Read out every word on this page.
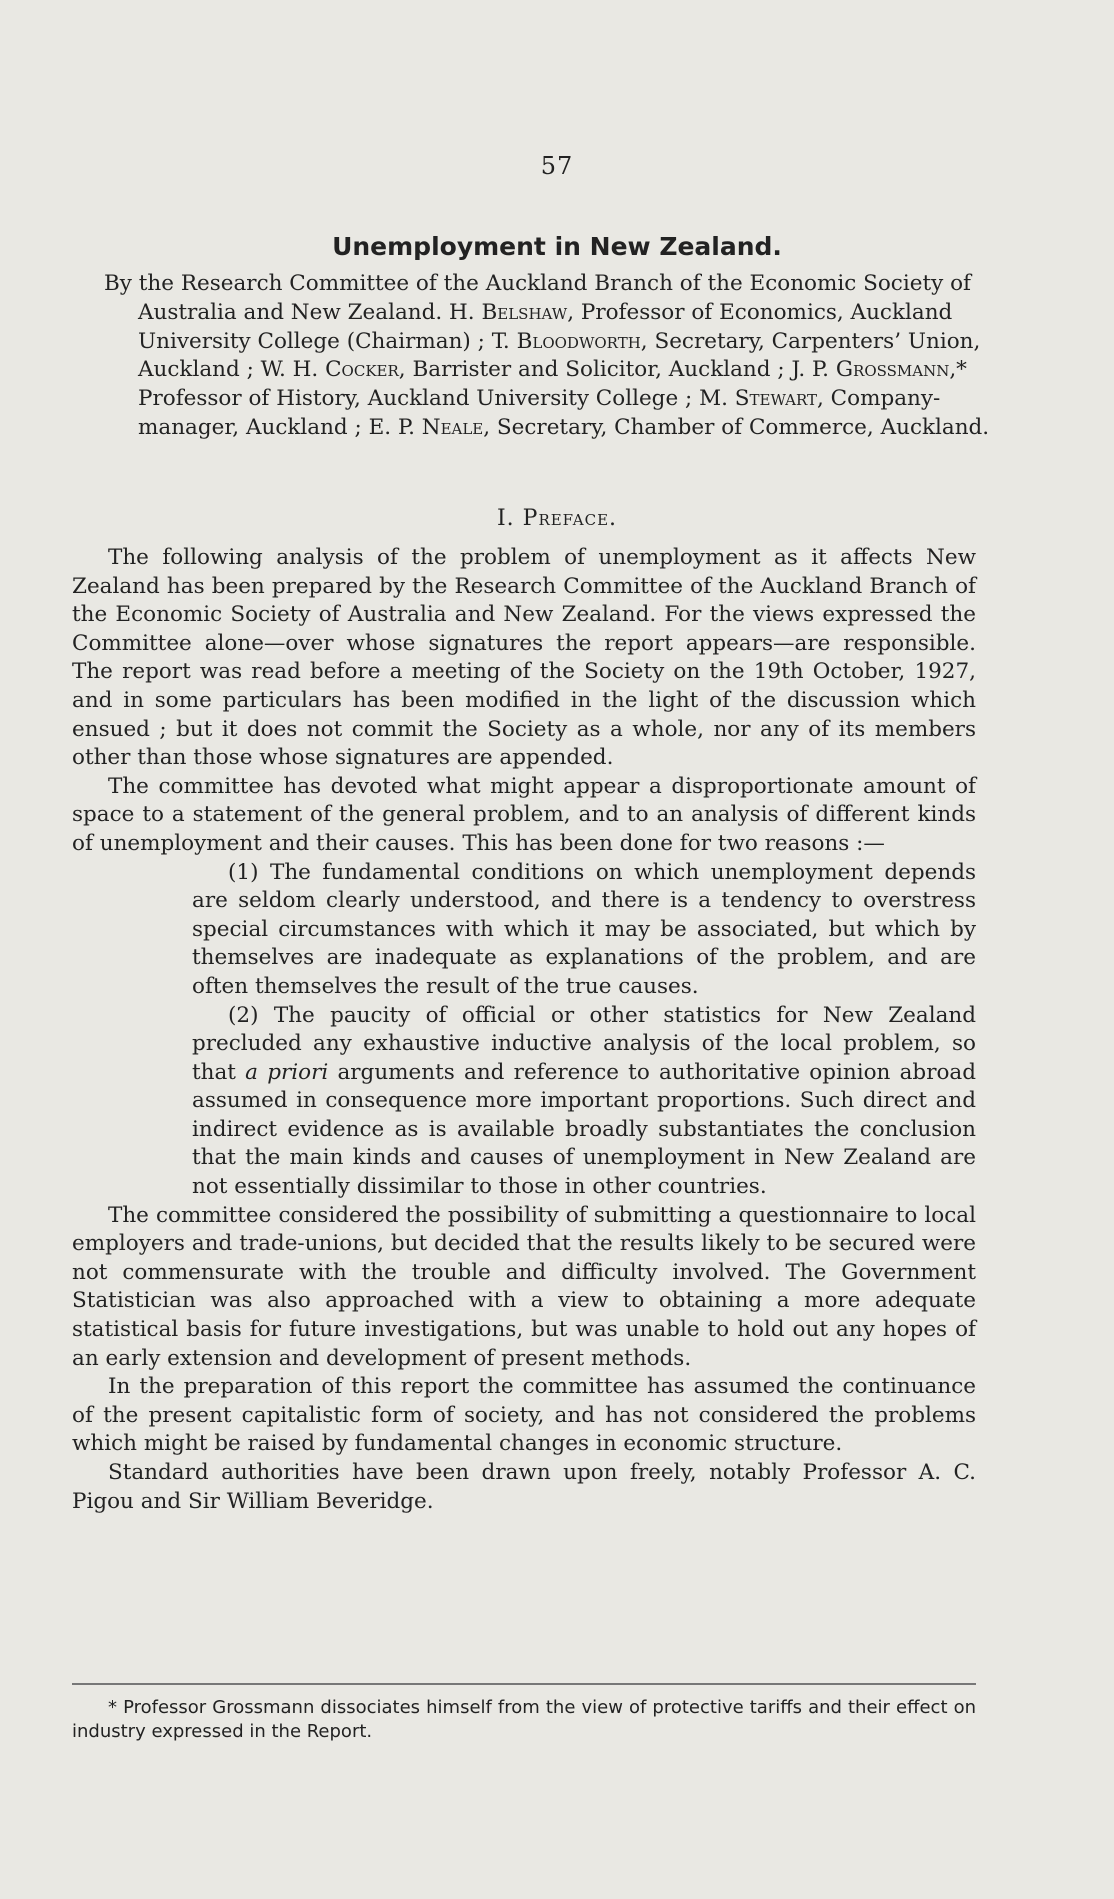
57
Unemployment in New Zealand.
By the Research Committee of the Auckland Branch of the Economic Society of Australia and New Zealand. H. Belshaw, Professor of Economics, Auckland University College (Chairman) ; T. Bloodworth, Secretary, Carpenters’ Union, Auckland ; W. H. Cocker, Barrister and Solicitor, Auckland ; J. P. Grossmann,* Professor of History, Auckland University College ; M. Stewart, Company-manager, Auckland ; E. P. Neale, Secretary, Chamber of Commerce, Auckland.
I. Preface.

The following analysis of the problem of unemployment as it affects New Zealand has been prepared by the Research Committee of the Auckland Branch of the Economic Society of Australia and New Zealand. For the views expressed the Committee alone—over whose signatures the report appears—are responsible. The report was read before a meeting of the Society on the 19th October, 1927, and in some particulars has been modified in the light of the discussion which ensued ; but it does not commit the Society as a whole, nor any of its members other than those whose signatures are appended.

The committee has devoted what might appear a disproportionate amount of space to a statement of the general problem, and to an analysis of different kinds of unemployment and their causes. This has been done for two reasons :—

(1) The fundamental conditions on which unemployment depends are seldom clearly understood, and there is a tendency to overstress special circumstances with which it may be associated, but which by themselves are inadequate as explanations of the problem, and are often themselves the result of the true causes.

(2) The paucity of official or other statistics for New Zealand precluded any exhaustive inductive analysis of the local problem, so that a priori arguments and reference to authoritative opinion abroad assumed in consequence more important proportions. Such direct and indirect evidence as is available broadly substantiates the conclusion that the main kinds and causes of unemployment in New Zealand are not essentially dissimilar to those in other countries.

The committee considered the possibility of submitting a questionnaire to local employers and trade-unions, but decided that the results likely to be secured were not commensurate with the trouble and difficulty involved. The Government Statistician was also approached with a view to obtaining a more adequate statistical basis for future investigations, but was unable to hold out any hopes of an early extension and development of present methods.

In the preparation of this report the committee has assumed the continuance of the present capitalistic form of society, and has not considered the problems which might be raised by fundamental changes in economic structure.

Standard authorities have been drawn upon freely, notably Professor A. C. Pigou and Sir William Beveridge.

* Professor Grossmann dissociates himself from the view of protective tariffs and their effect on industry expressed in the Report.
